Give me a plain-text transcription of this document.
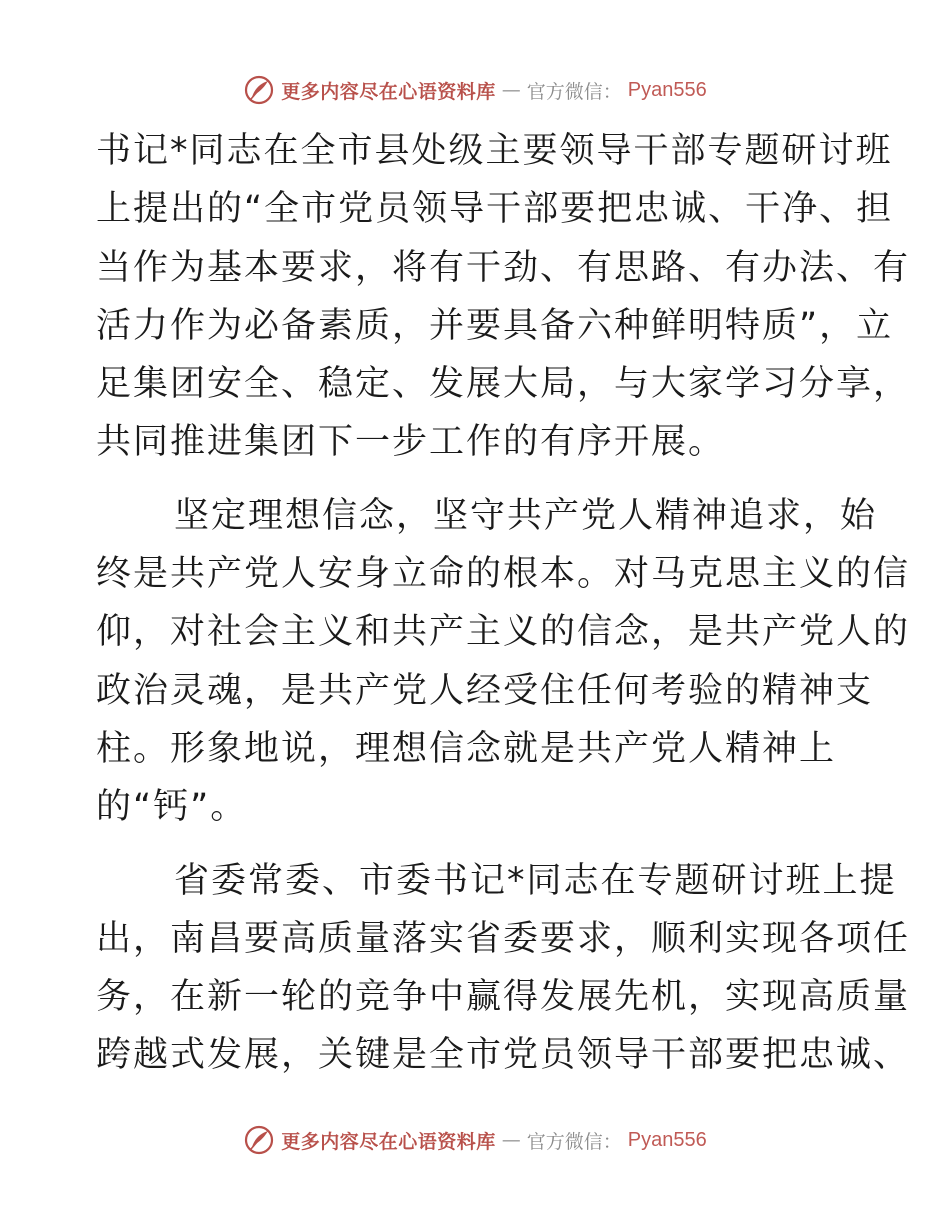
更多内容尽在心语资料库 — 官方微信： Pyan556
书记*同志在全市县处级主要领导干部专题研讨班
上提出的“全市党员领导干部要把忠诚、干净、担
当作为基本要求，将有干劲、有思路、有办法、有
活力作为必备素质，并要具备六种鲜明特质”，立
足集团安全、稳定、发展大局，与大家学习分享，
共同推进集团下一步工作的有序开展。
坚定理想信念，坚守共产党人精神追求，始
终是共产党人安身立命的根本。对马克思主义的信
仰，对社会主义和共产主义的信念，是共产党人的
政治灵魂，是共产党人经受住任何考验的精神支
柱。形象地说，理想信念就是共产党人精神上
的“钙”。
省委常委、市委书记*同志在专题研讨班上提
出，南昌要高质量落实省委要求，顺利实现各项任
务，在新一轮的竞争中赢得发展先机，实现高质量
跨越式发展，关键是全市党员领导干部要把忠诚、
更多内容尽在心语资料库 — 官方微信： Pyan556
